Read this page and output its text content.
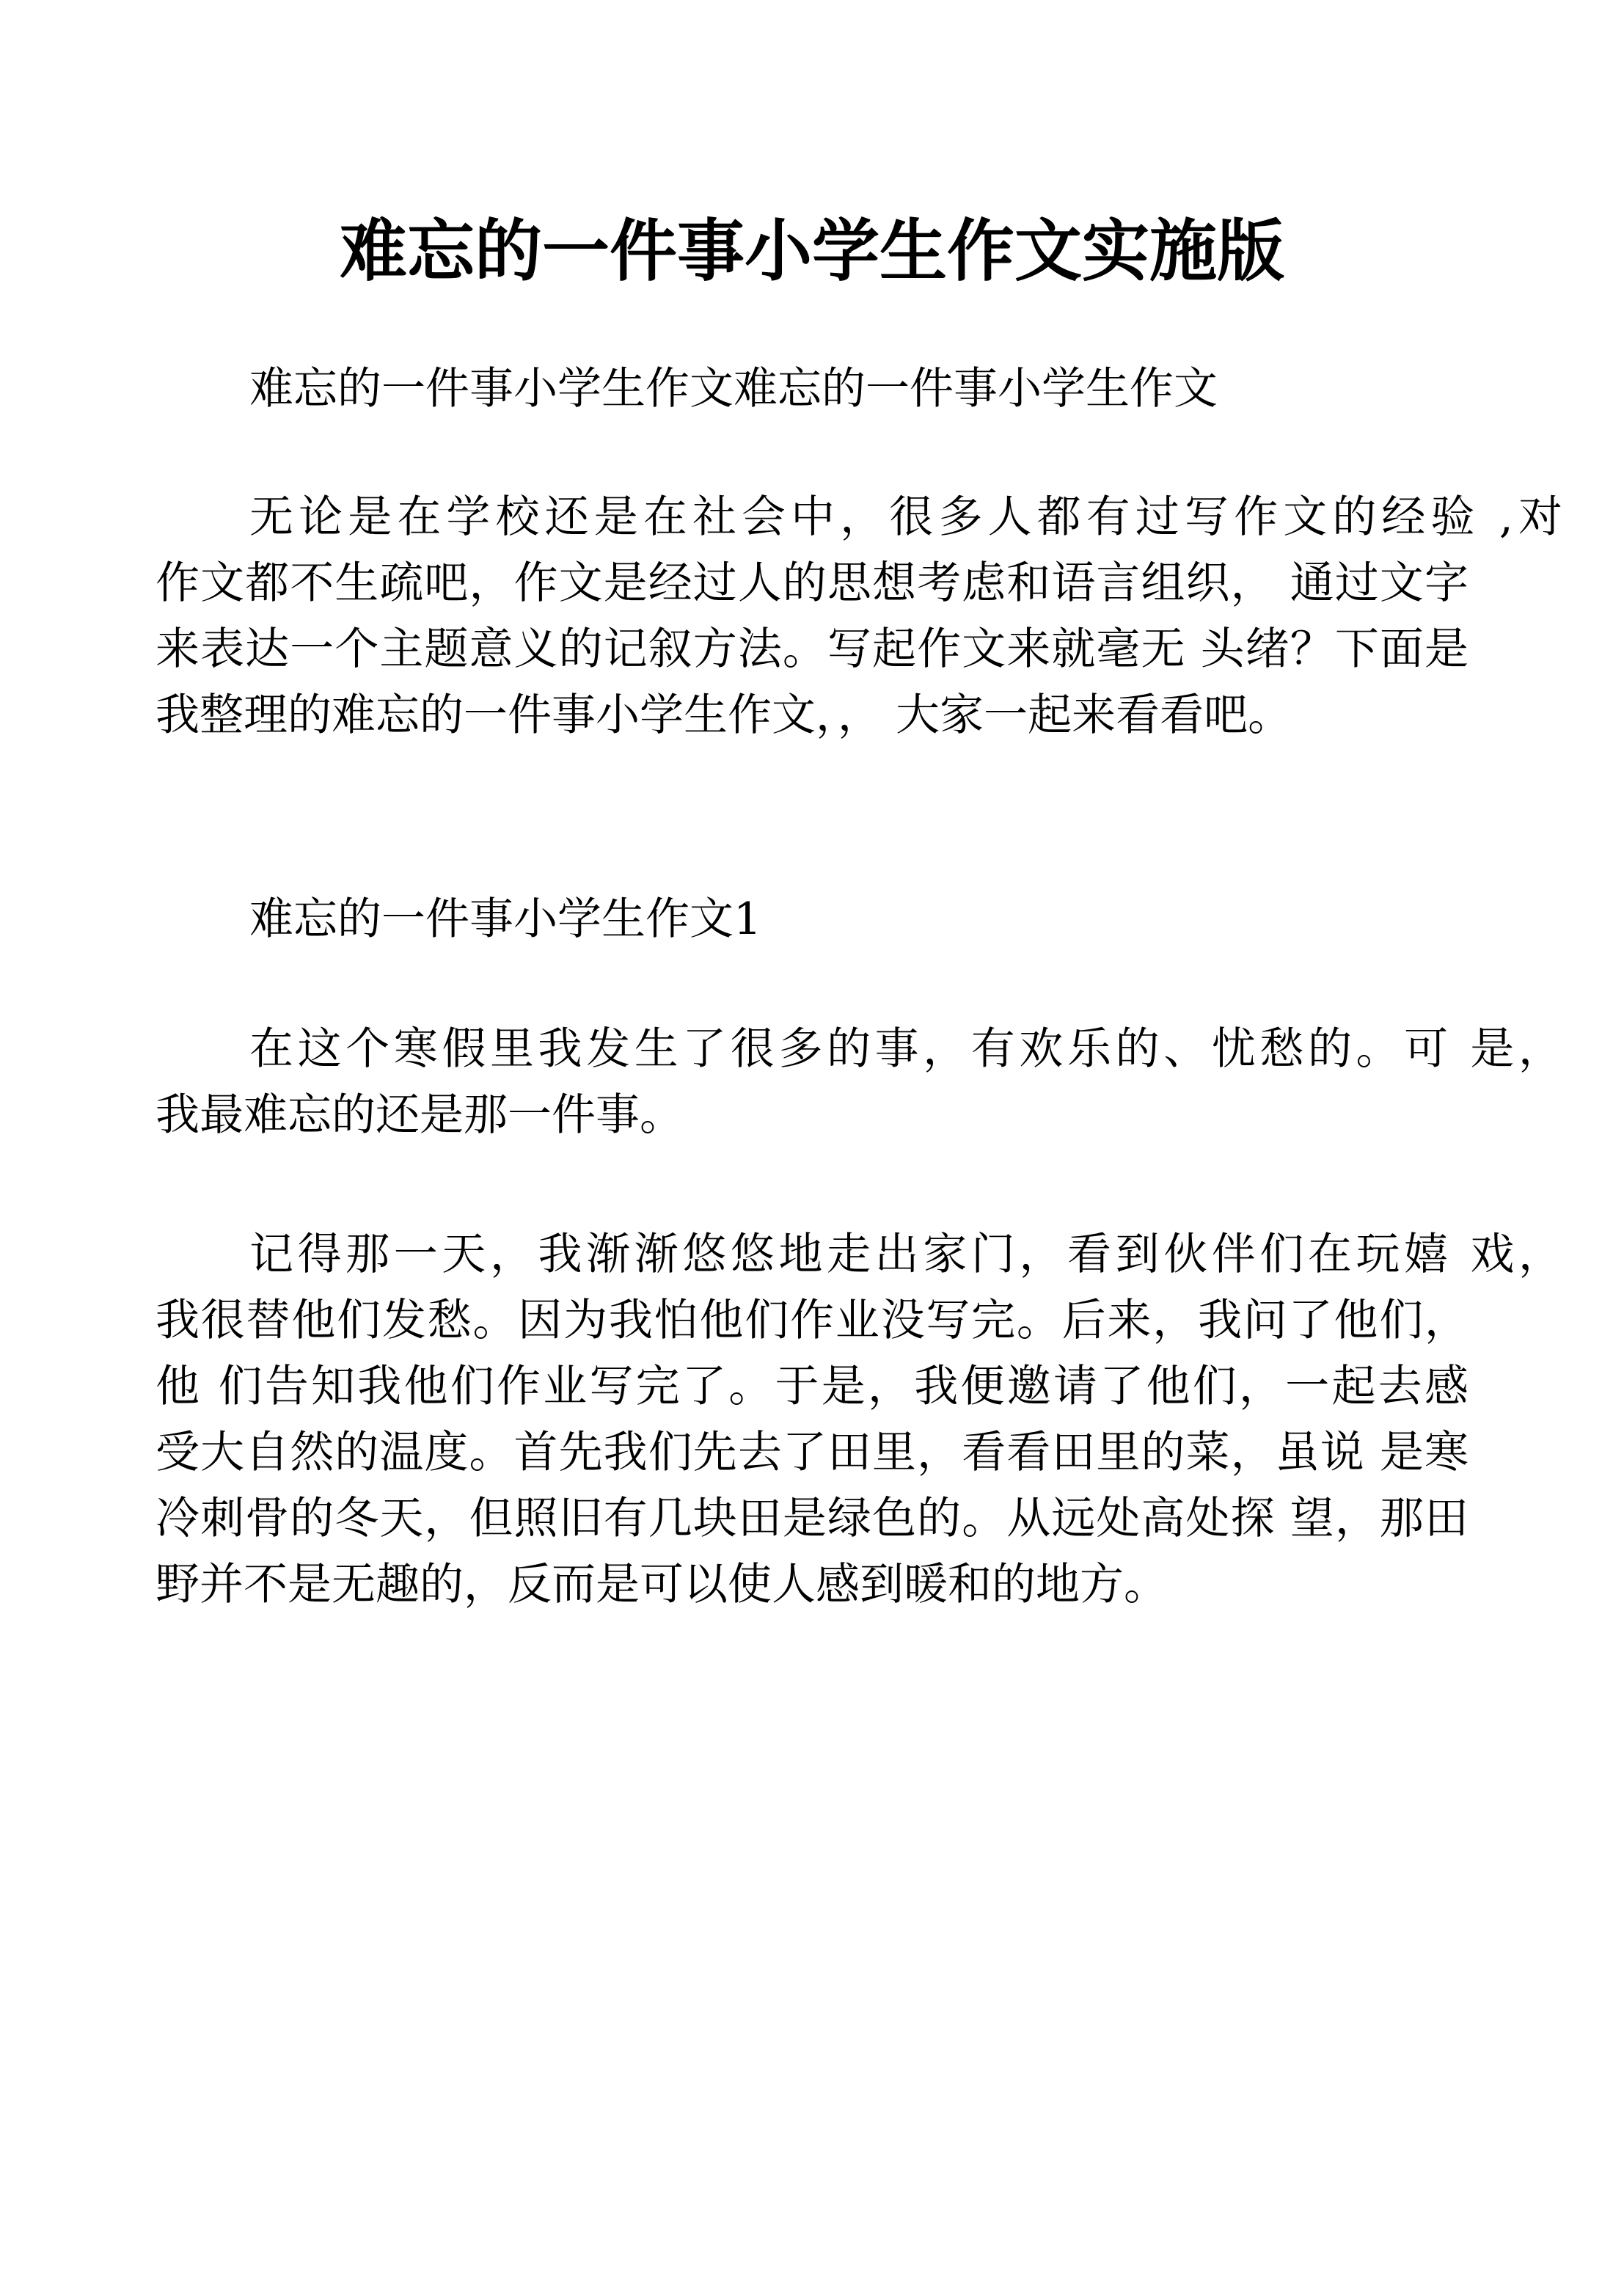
难忘的一件事小学生作文实施版
难忘的一件事小学生作文难忘的一件事小学生作文
无论是在学校还是在社会中，很多人都有过写作文的经验 ,对
作文都不生疏吧，作文是经过人的思想考虑和语言组织， 通过文字
来表达一个主题意义的记叙方法。写起作文来就毫无 头绪？下面是
我整理的难忘的一件事小学生作文，， 大家一起来看看吧。
难忘的一件事小学生作文1
在这个寒假里我发生了很多的事，有欢乐的、忧愁的。可 是，
我最难忘的还是那一件事。
记得那一天，我渐渐悠悠地走出家门，看到伙伴们在玩嬉 戏，
我很替他们发愁。因为我怕他们作业没写完。后来，我问了他们，
他 们告知我他们作业写完了。于是，我便邀请了他们，一起去感
受大自然的温度。首先我们先去了田里，看看田里的菜，虽说 是寒
冷刺骨的冬天，但照旧有几块田是绿色的。从远处高处探 望，那田
野并不是无趣的，反而是可以使人感到暖和的地方。
